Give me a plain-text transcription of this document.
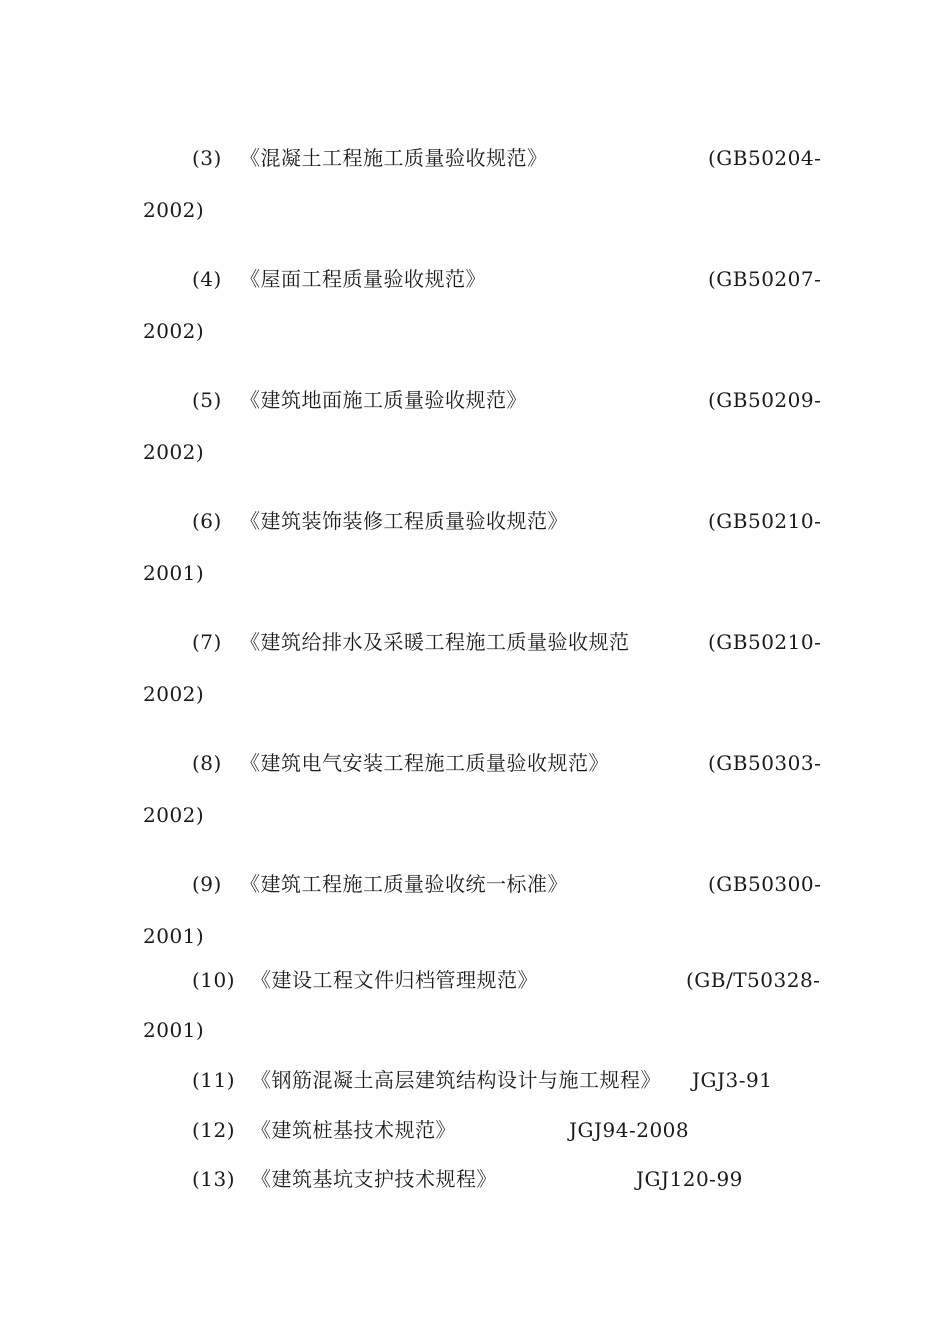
(3) 《混凝土工程施工质量验收规范》	(GB50204-
2002)
(4) 《屋面工程质量验收规范》	(GB50207-
2002)
(5) 《建筑地面施工质量验收规范》	(GB50209-
2002)
(6) 《建筑装饰装修工程质量验收规范》	(GB50210-
2001)
(7) 《建筑给排水及采暖工程施工质量验收规范	(GB50210-
2002)
(8) 《建筑电气安装工程施工质量验收规范》	(GB50303-
2002)
(9) 《建筑工程施工质量验收统一标准》	(GB50300-
2001)
(10) 《建设工程文件归档管理规范》	(GB/T50328-
2001)
(11) 《钢筋混凝土高层建筑结构设计与施工规程》 JGJ3-91
(12) 《建筑桩基技术规范》	JGJ94-2008
(13) 《建筑基坑支护技术规程》	JGJ120-99
